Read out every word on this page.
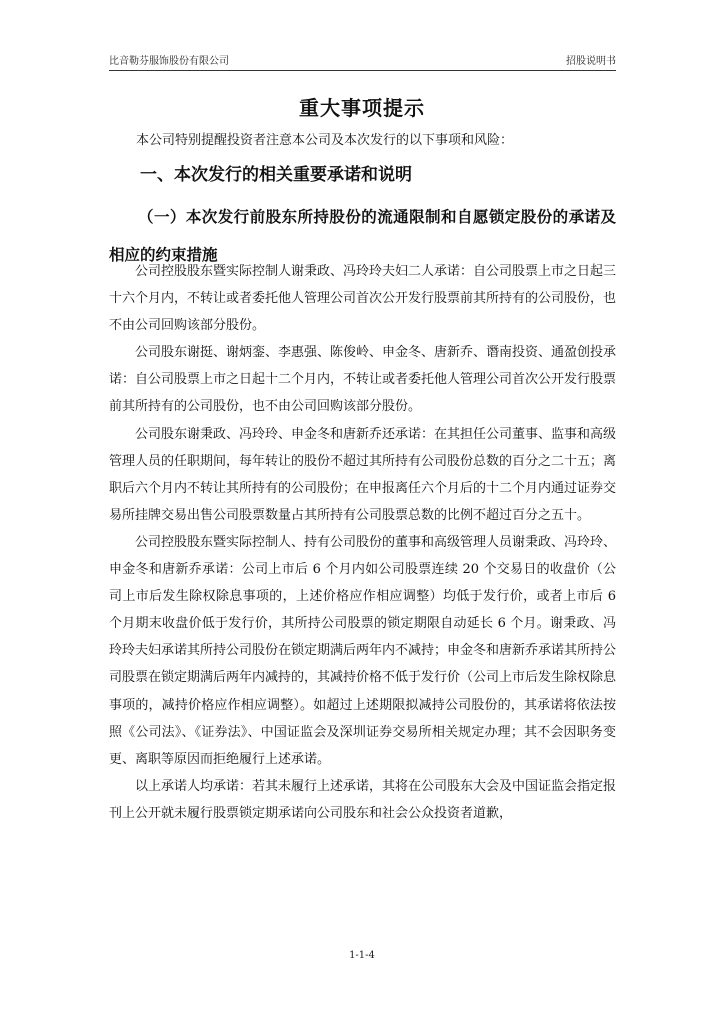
比音勒芬服饰股份有限公司	招股说明书
重大事项提示
本公司特别提醒投资者注意本公司及本次发行的以下事项和风险：
一、本次发行的相关重要承诺和说明
（一）本次发行前股东所持股份的流通限制和自愿锁定股份的承诺及相应的约束措施

公司控股股东暨实际控制人谢秉政、冯玲玲夫妇二人承诺：自公司股票上市之日起三十六个月内，不转让或者委托他人管理公司首次公开发行股票前其所持有的公司股份，也不由公司回购该部分股份。

公司股东谢挺、谢炳銮、李惠强、陈俊岭、申金冬、唐新乔、谮南投资、通盈创投承诺：自公司股票上市之日起十二个月内，不转让或者委托他人管理公司首次公开发行股票前其所持有的公司股份，也不由公司回购该部分股份。

公司股东谢秉政、冯玲玲、申金冬和唐新乔还承诺：在其担任公司董事、监事和高级管理人员的任职期间，每年转让的股份不超过其所持有公司股份总数的百分之二十五；离职后六个月内不转让其所持有的公司股份；在申报离任六个月后的十二个月内通过证券交易所挂牌交易出售公司股票数量占其所持有公司股票总数的比例不超过百分之五十。

公司控股股东暨实际控制人、持有公司股份的董事和高级管理人员谢秉政、冯玲玲、申金冬和唐新乔承诺：公司上市后 6 个月内如公司股票连续 20 个交易日的收盘价（公司上市后发生除权除息事项的，上述价格应作相应调整）均低于发行价，或者上市后 6 个月期末收盘价低于发行价，其所持公司股票的锁定期限自动延长 6 个月。谢秉政、冯玲玲夫妇承诺其所持公司股份在锁定期满后两年内不减持；申金冬和唐新乔承诺其所持公司股票在锁定期满后两年内减持的，其减持价格不低于发行价（公司上市后发生除权除息事项的，减持价格应作相应调整）。如超过上述期限拟减持公司股份的，其承诺将依法按照《公司法》、《证券法》、中国证监会及深圳证券交易所相关规定办理；其不会因职务变更、离职等原因而拒绝履行上述承诺。

以上承诺人均承诺：若其未履行上述承诺，其将在公司股东大会及中国证监会指定报刊上公开就未履行股票锁定期承诺向公司股东和社会公众投资者道歉，

1-1-4
